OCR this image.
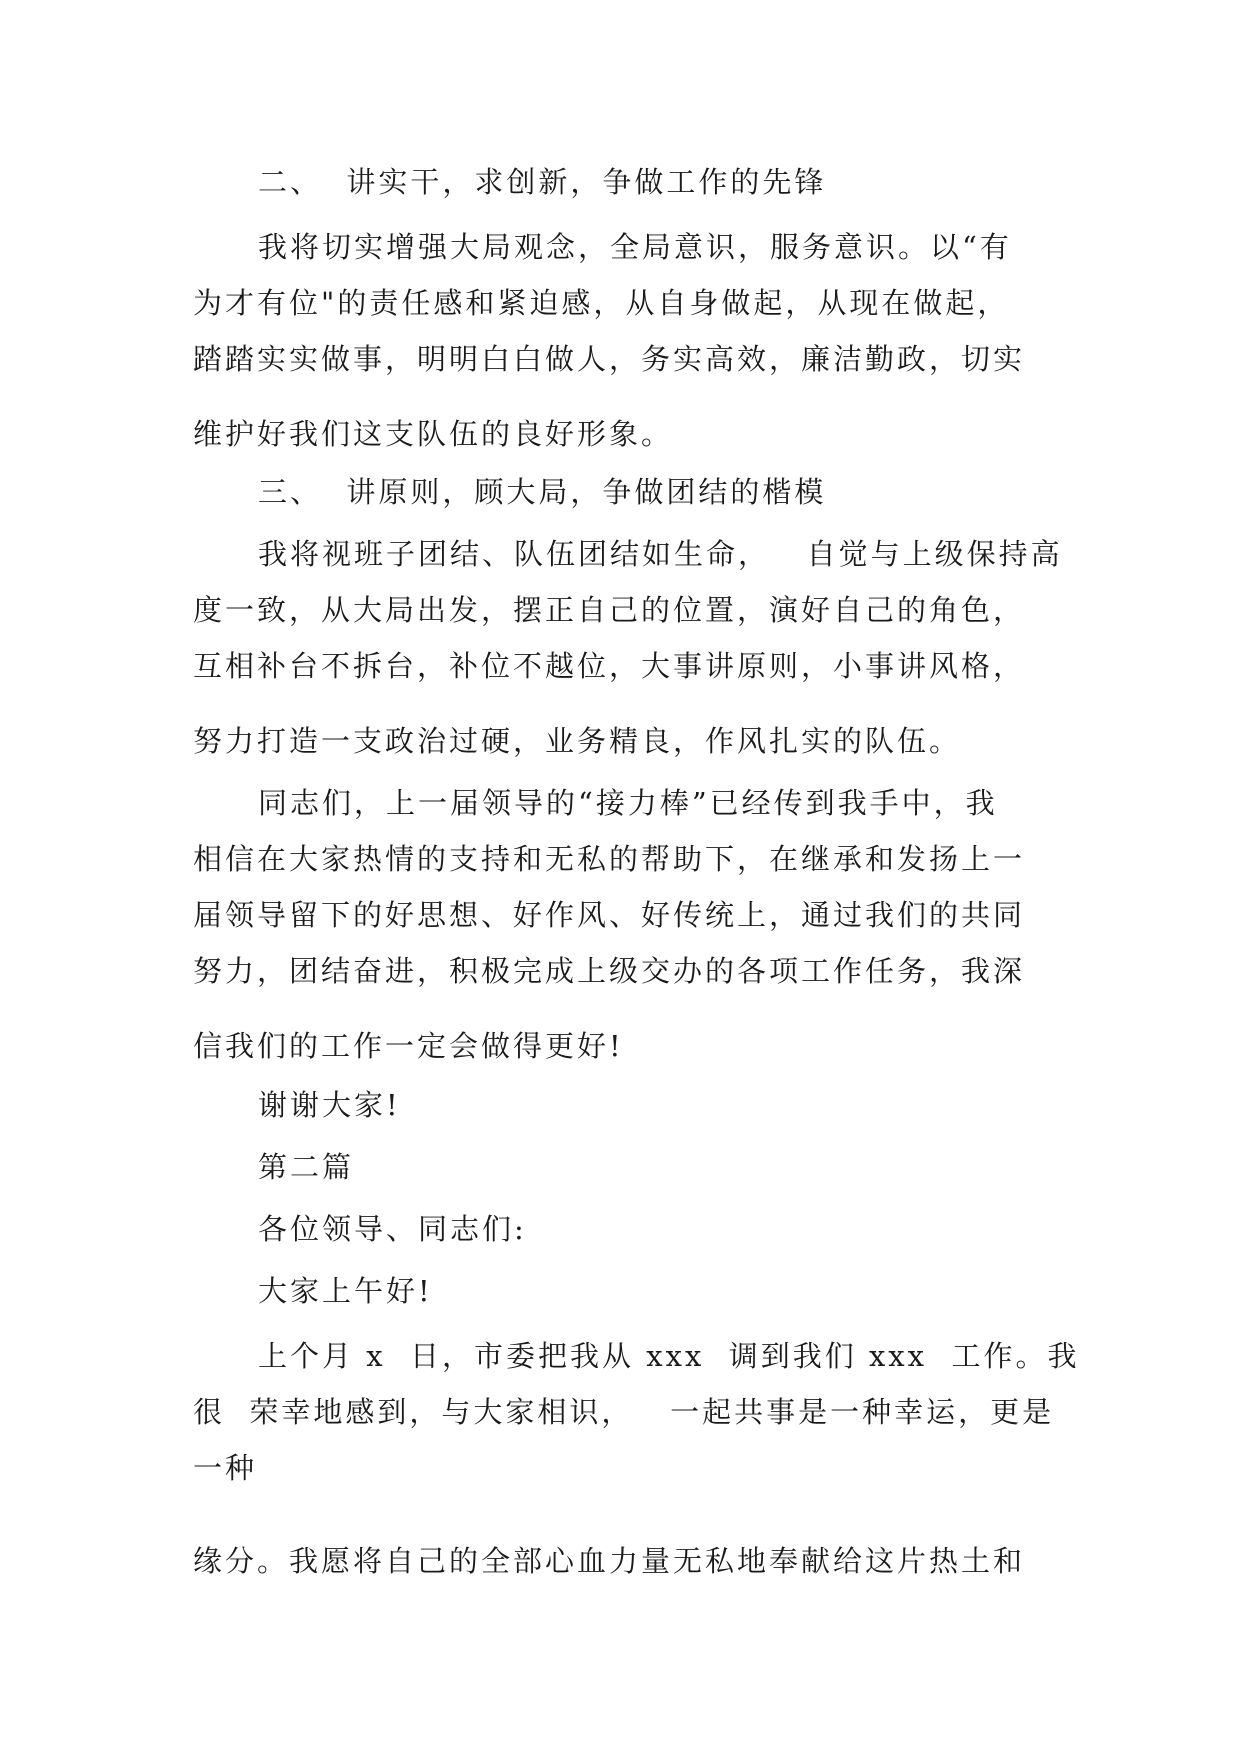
二、  讲实干，求创新，争做工作的先锋
我将切实增强大局观念，全局意识，服务意识。以“有
为才有位"的责任感和紧迫感，从自身做起，从现在做起，
踏踏实实做事，明明白白做人，务实高效，廉洁勤政，切实
维护好我们这支队伍的良好形象。
三、  讲原则，顾大局，争做团结的楷模
我将视班子团结、队伍团结如生命，   自觉与上级保持高
度一致，从大局出发，摆正自己的位置，演好自己的角色，
互相补台不拆台，补位不越位，大事讲原则，小事讲风格，
努力打造一支政治过硬，业务精良，作风扎实的队伍。
同志们，上一届领导的“接力棒”已经传到我手中，我
相信在大家热情的支持和无私的帮助下，在继承和发扬上一
届领导留下的好思想、好作风、好传统上，通过我们的共同
努力，团结奋进，积极完成上级交办的各项工作任务，我深
信我们的工作一定会做得更好!
谢谢大家!
第二篇
各位领导、同志们:
大家上午好!
上个月 x  日，市委把我从 xxx  调到我们 xxx  工作。我
很  荣幸地感到，与大家相识，   一起共事是一种幸运，更是
一种
缘分。我愿将自己的全部心血力量无私地奉献给这片热土和
